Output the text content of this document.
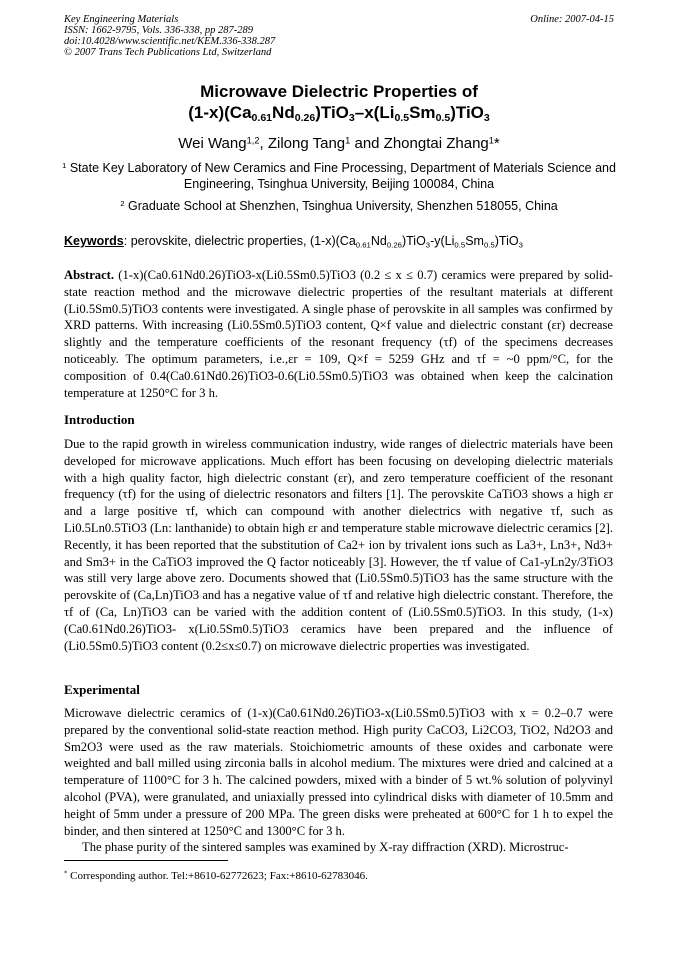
Key Engineering Materials
ISSN: 1662-9795, Vols. 336-338, pp 287-289
doi:10.4028/www.scientific.net/KEM.336-338.287
© 2007 Trans Tech Publications Ltd, Switzerland
Online: 2007-04-15
Microwave Dielectric Properties of
$(1-x)(Ca_{0.61}Nd_{0.26})TiO_3-x(Li_{0.5}Sm_{0.5})TiO_3$
Wei Wang$^{1,2}$, Zilong Tang$^1$ and Zhongtai Zhang$^1$*
$^1$ State Key Laboratory of New Ceramics and Fine Processing, Department of Materials Science and Engineering, Tsinghua University, Beijing 100084, China
$^2$ Graduate School at Shenzhen, Tsinghua University, Shenzhen 518055, China
Keywords: perovskite, dielectric properties, $(1-x)(Ca_{0.61}Nd_{0.26})TiO_3-y(Li_{0.5}Sm_{0.5})TiO_3$
Abstract. (1-x)(Ca0.61Nd0.26)TiO3-x(Li0.5Sm0.5)TiO3 (0.2 ≤ x ≤ 0.7) ceramics were prepared by solid-state reaction method and the microwave dielectric properties of the resultant materials at different (Li0.5Sm0.5)TiO3 contents were investigated. A single phase of perovskite in all samples was confirmed by XRD patterns. With increasing (Li0.5Sm0.5)TiO3 content, Q×f value and dielectric constant (εr) decrease slightly and the temperature coefficients of the resonant frequency (τf) of the specimens decreases noticeably. The optimum parameters, i.e.,εr = 109, Q×f = 5259 GHz and τf = ~0 ppm/°C, for the composition of 0.4(Ca0.61Nd0.26)TiO3-0.6(Li0.5Sm0.5)TiO3 was obtained when keep the calcination temperature at 1250°C for 3 h.
Introduction
Due to the rapid growth in wireless communication industry, wide ranges of dielectric materials have been developed for microwave applications. Much effort has been focusing on developing dielectric materials with a high quality factor, high dielectric constant (εr), and zero temperature coefficient of the resonant frequency (τf) for the using of dielectric resonators and filters [1]. The perovskite CaTiO3 shows a high εr and a large positive τf, which can compound with another dielectrics with negative τf, such as Li0.5Ln0.5TiO3 (Ln: lanthanide) to obtain high εr and temperature stable microwave dielectric ceramics [2]. Recently, it has been reported that the substitution of Ca2+ ion by trivalent ions such as La3+, Ln3+, Nd3+ and Sm3+ in the CaTiO3 improved the Q factor noticeably [3]. However, the τf value of Ca1-yLn2y/3TiO3 was still very large above zero. Documents showed that (Li0.5Sm0.5)TiO3 has the same structure with the perovskite of (Ca,Ln)TiO3 and has a negative value of τf and relative high dielectric constant. Therefore, the τf of (Ca, Ln)TiO3 can be varied with the addition content of (Li0.5Sm0.5)TiO3. In this study, (1-x)(Ca0.61Nd0.26)TiO3- x(Li0.5Sm0.5)TiO3 ceramics have been prepared and the influence of (Li0.5Sm0.5)TiO3 content (0.2≤x≤0.7) on microwave dielectric properties was investigated.
Experimental
Microwave dielectric ceramics of (1-x)(Ca0.61Nd0.26)TiO3-x(Li0.5Sm0.5)TiO3 with x = 0.2–0.7 were prepared by the conventional solid-state reaction method. High purity CaCO3, Li2CO3, TiO2, Nd2O3 and Sm2O3 were used as the raw materials. Stoichiometric amounts of these oxides and carbonate were weighted and ball milled using zirconia balls in alcohol medium. The mixtures were dried and calcined at a temperature of 1100°C for 3 h. The calcined powders, mixed with a binder of 5 wt.% solution of polyvinyl alcohol (PVA), were granulated, and uniaxially pressed into cylindrical disks with diameter of 10.5mm and height of 5mm under a pressure of 200 MPa. The green disks were preheated at 600°C for 1 h to expel the binder, and then sintered at 1250°C and 1300°C for 3 h.
The phase purity of the sintered samples was examined by X-ray diffraction (XRD). Microstruc-
* Corresponding author. Tel:+8610-62772623; Fax:+8610-62783046.
